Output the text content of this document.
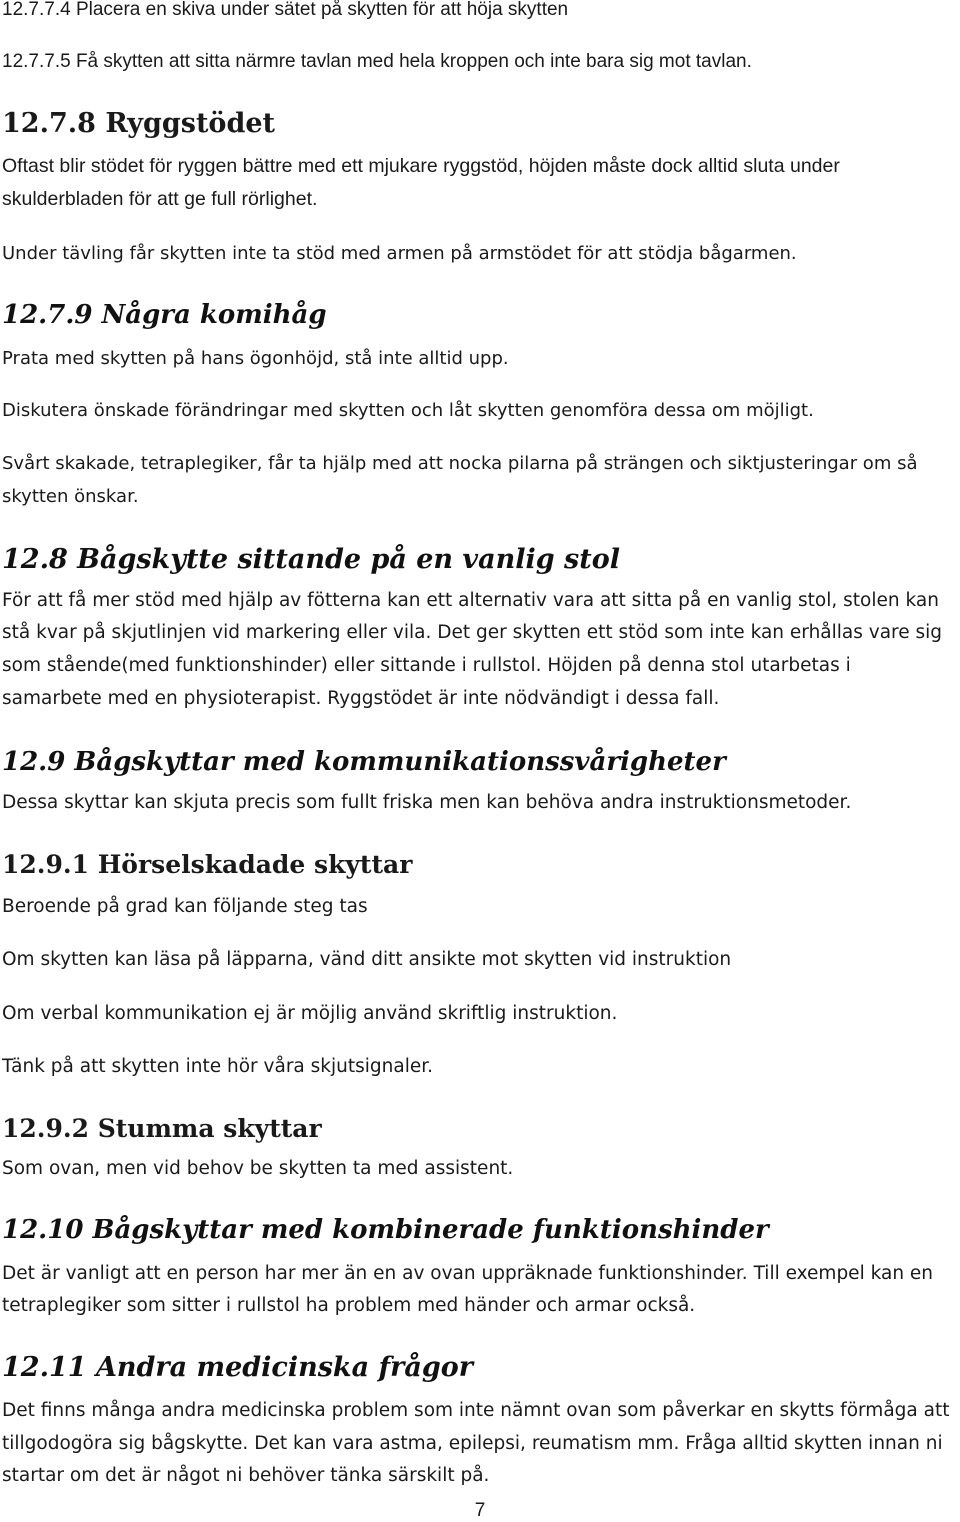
12.7.7.4 Placera en skiva under sätet på skytten för att höja skytten
12.7.7.5 Få skytten att sitta närmre tavlan med hela kroppen och inte bara sig mot tavlan.
12.7.8 Ryggstödet
Oftast blir stödet för ryggen bättre med ett mjukare ryggstöd, höjden måste dock alltid sluta under
skulderbladen för att ge full rörlighet.
Under tävling får skytten inte ta stöd med armen på armstödet för att stödja bågarmen.
12.7.9 Några komihåg
Prata med skytten på hans ögonhöjd, stå inte alltid upp.
Diskutera önskade förändringar med skytten och låt skytten genomföra dessa om möjligt.
Svårt skakade, tetraplegiker, får ta hjälp med att nocka pilarna på strängen och siktjusteringar om så
skytten önskar.
12.8 Bågskytte sittande på en vanlig stol
För att få mer stöd med hjälp av fötterna kan ett alternativ vara att sitta på en vanlig stol, stolen kan
stå kvar på skjutlinjen vid markering eller vila. Det ger skytten ett stöd som inte kan erhållas vare sig
som stående(med funktionshinder) eller sittande i rullstol. Höjden på denna stol utarbetas i
samarbete med en physioterapist. Ryggstödet är inte nödvändigt i dessa fall.
12.9 Bågskyttar med kommunikationssvårigheter
Dessa skyttar kan skjuta precis som fullt friska men kan behöva andra instruktionsmetoder.
12.9.1 Hörselskadade skyttar
Beroende på grad kan följande steg tas
Om skytten kan läsa på läpparna, vänd ditt ansikte mot skytten vid instruktion
Om verbal kommunikation ej är möjlig använd skriftlig instruktion.
Tänk på att skytten inte hör våra skjutsignaler.
12.9.2 Stumma skyttar
Som ovan, men vid behov be skytten ta med assistent.
12.10 Bågskyttar med kombinerade funktionshinder
Det är vanligt att en person har mer än en av ovan uppräknade funktionshinder. Till exempel kan en
tetraplegiker som sitter i rullstol ha problem med händer och armar också.
12.11 Andra medicinska frågor
Det finns många andra medicinska problem som inte nämnt ovan som påverkar en skytts förmåga att
tillgodogöra sig bågskytte. Det kan vara astma, epilepsi, reumatism mm. Fråga alltid skytten innan ni
startar om det är något ni behöver tänka särskilt på.
7
